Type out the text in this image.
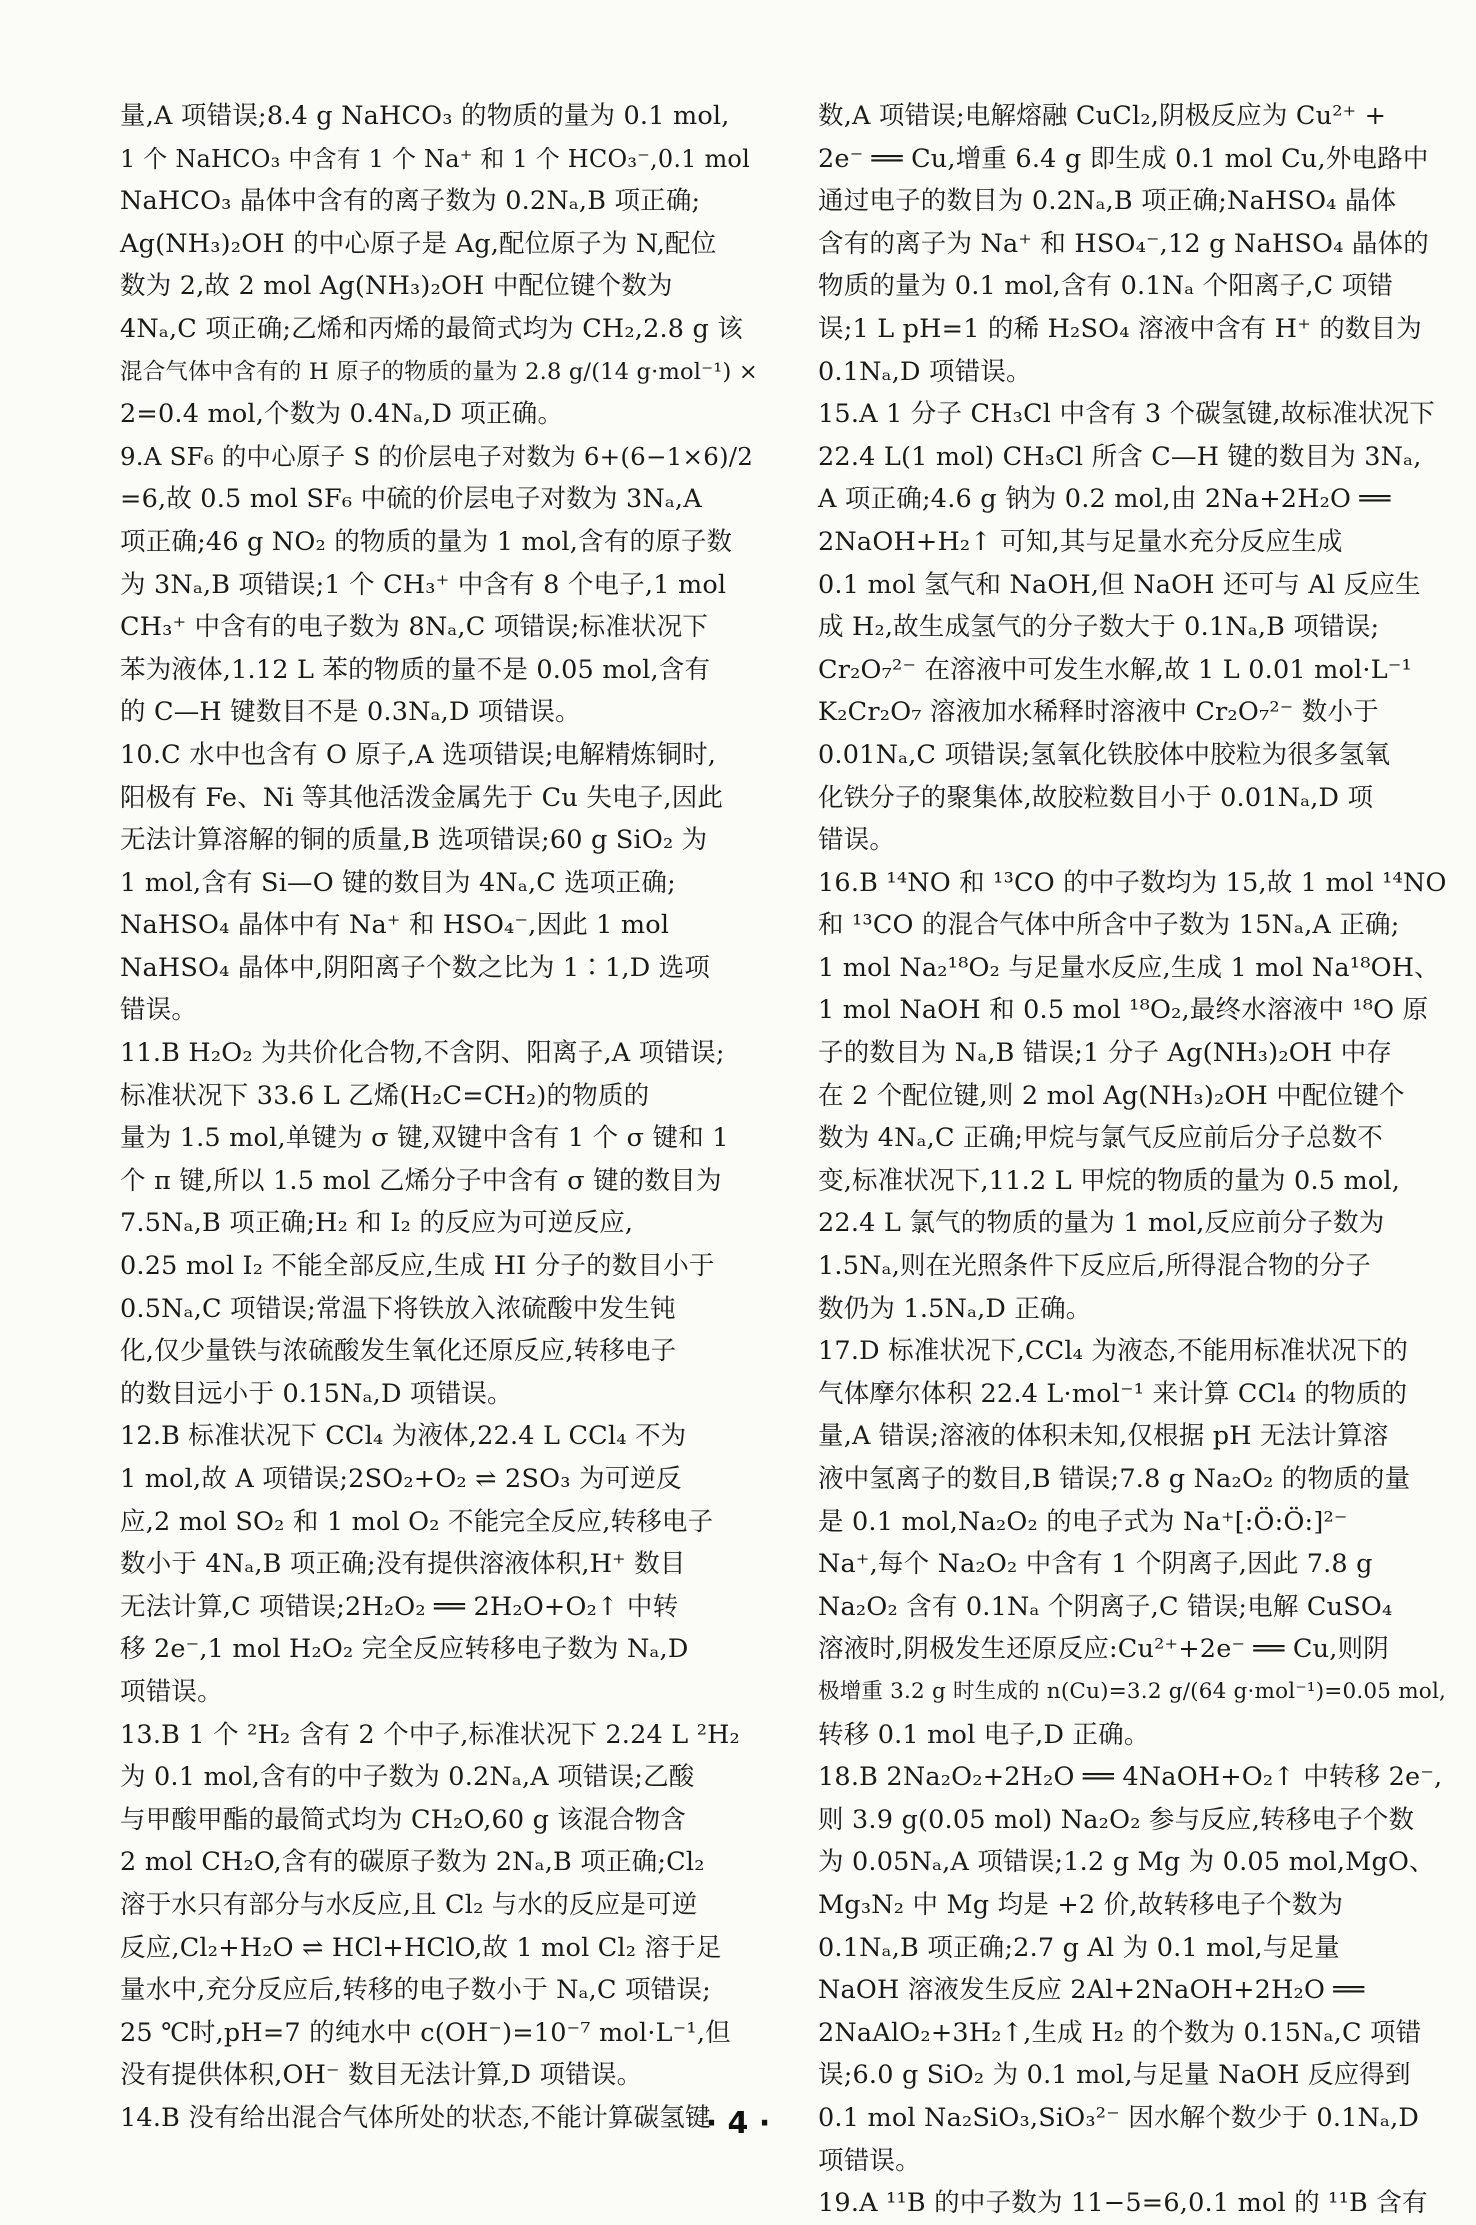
量,A 项错误;8.4 g NaHCO₃ 的物质的量为 0.1 mol,
1 个 NaHCO₃ 中含有 1 个 Na⁺ 和 1 个 HCO₃⁻,0.1 mol
NaHCO₃ 晶体中含有的离子数为 0.2Nₐ,B 项正确;
Ag(NH₃)₂OH 的中心原子是 Ag,配位原子为 N,配位
数为 2,故 2 mol Ag(NH₃)₂OH 中配位键个数为
4Nₐ,C 项正确;乙烯和丙烯的最简式均为 CH₂,2.8 g 该
混合气体中含有的 H 原子的物质的量为 2.8 g/(14 g·mol⁻¹) ×
2=0.4 mol,个数为 0.4Nₐ,D 项正确。
9.A SF₆ 的中心原子 S 的价层电子对数为 6+(6−1×6)/2
=6,故 0.5 mol SF₆ 中硫的价层电子对数为 3Nₐ,A
项正确;46 g NO₂ 的物质的量为 1 mol,含有的原子数
为 3Nₐ,B 项错误;1 个 CH₃⁺ 中含有 8 个电子,1 mol
CH₃⁺ 中含有的电子数为 8Nₐ,C 项错误;标准状况下
苯为液体,1.12 L 苯的物质的量不是 0.05 mol,含有
的 C—H 键数目不是 0.3Nₐ,D 项错误。
10.C 水中也含有 O 原子,A 选项错误;电解精炼铜时,
阳极有 Fe、Ni 等其他活泼金属先于 Cu 失电子,因此
无法计算溶解的铜的质量,B 选项错误;60 g SiO₂ 为
1 mol,含有 Si—O 键的数目为 4Nₐ,C 选项正确;
NaHSO₄ 晶体中有 Na⁺ 和 HSO₄⁻,因此 1 mol
NaHSO₄ 晶体中,阴阳离子个数之比为 1∶1,D 选项
错误。
11.B H₂O₂ 为共价化合物,不含阴、阳离子,A 项错误;
标准状况下 33.6 L 乙烯(H₂C=CH₂)的物质的
量为 1.5 mol,单键为 σ 键,双键中含有 1 个 σ 键和 1
个 π 键,所以 1.5 mol 乙烯分子中含有 σ 键的数目为
7.5Nₐ,B 项正确;H₂ 和 I₂ 的反应为可逆反应,
0.25 mol I₂ 不能全部反应,生成 HI 分子的数目小于
0.5Nₐ,C 项错误;常温下将铁放入浓硫酸中发生钝
化,仅少量铁与浓硫酸发生氧化还原反应,转移电子
的数目远小于 0.15Nₐ,D 项错误。
12.B 标准状况下 CCl₄ 为液体,22.4 L CCl₄ 不为
1 mol,故 A 项错误;2SO₂+O₂ ⇌ 2SO₃ 为可逆反
应,2 mol SO₂ 和 1 mol O₂ 不能完全反应,转移电子
数小于 4Nₐ,B 项正确;没有提供溶液体积,H⁺ 数目
无法计算,C 项错误;2H₂O₂ ══ 2H₂O+O₂↑ 中转
移 2e⁻,1 mol H₂O₂ 完全反应转移电子数为 Nₐ,D
项错误。
13.B 1 个 ²H₂ 含有 2 个中子,标准状况下 2.24 L ²H₂
为 0.1 mol,含有的中子数为 0.2Nₐ,A 项错误;乙酸
与甲酸甲酯的最简式均为 CH₂O,60 g 该混合物含
2 mol CH₂O,含有的碳原子数为 2Nₐ,B 项正确;Cl₂
溶于水只有部分与水反应,且 Cl₂ 与水的反应是可逆
反应,Cl₂+H₂O ⇌ HCl+HClO,故 1 mol Cl₂ 溶于足
量水中,充分反应后,转移的电子数小于 Nₐ,C 项错误;
25 ℃时,pH=7 的纯水中 c(OH⁻)=10⁻⁷ mol·L⁻¹,但
没有提供体积,OH⁻ 数目无法计算,D 项错误。
14.B 没有给出混合气体所处的状态,不能计算碳氢键
数,A 项错误;电解熔融 CuCl₂,阴极反应为 Cu²⁺ +
2e⁻ ══ Cu,增重 6.4 g 即生成 0.1 mol Cu,外电路中
通过电子的数目为 0.2Nₐ,B 项正确;NaHSO₄ 晶体
含有的离子为 Na⁺ 和 HSO₄⁻,12 g NaHSO₄ 晶体的
物质的量为 0.1 mol,含有 0.1Nₐ 个阳离子,C 项错
误;1 L pH=1 的稀 H₂SO₄ 溶液中含有 H⁺ 的数目为
0.1Nₐ,D 项错误。
15.A 1 分子 CH₃Cl 中含有 3 个碳氢键,故标准状况下
22.4 L(1 mol) CH₃Cl 所含 C—H 键的数目为 3Nₐ,
A 项正确;4.6 g 钠为 0.2 mol,由 2Na+2H₂O ══
2NaOH+H₂↑ 可知,其与足量水充分反应生成
0.1 mol 氢气和 NaOH,但 NaOH 还可与 Al 反应生
成 H₂,故生成氢气的分子数大于 0.1Nₐ,B 项错误;
Cr₂O₇²⁻ 在溶液中可发生水解,故 1 L 0.01 mol·L⁻¹
K₂Cr₂O₇ 溶液加水稀释时溶液中 Cr₂O₇²⁻ 数小于
0.01Nₐ,C 项错误;氢氧化铁胶体中胶粒为很多氢氧
化铁分子的聚集体,故胶粒数目小于 0.01Nₐ,D 项
错误。
16.B ¹⁴NO 和 ¹³CO 的中子数均为 15,故 1 mol ¹⁴NO
和 ¹³CO 的混合气体中所含中子数为 15Nₐ,A 正确;
1 mol Na₂¹⁸O₂ 与足量水反应,生成 1 mol Na¹⁸OH、
1 mol NaOH 和 0.5 mol ¹⁸O₂,最终水溶液中 ¹⁸O 原
子的数目为 Nₐ,B 错误;1 分子 Ag(NH₃)₂OH 中存
在 2 个配位键,则 2 mol Ag(NH₃)₂OH 中配位键个
数为 4Nₐ,C 正确;甲烷与氯气反应前后分子总数不
变,标准状况下,11.2 L 甲烷的物质的量为 0.5 mol,
22.4 L 氯气的物质的量为 1 mol,反应前分子数为
1.5Nₐ,则在光照条件下反应后,所得混合物的分子
数仍为 1.5Nₐ,D 正确。
17.D 标准状况下,CCl₄ 为液态,不能用标准状况下的
气体摩尔体积 22.4 L·mol⁻¹ 来计算 CCl₄ 的物质的
量,A 错误;溶液的体积未知,仅根据 pH 无法计算溶
液中氢离子的数目,B 错误;7.8 g Na₂O₂ 的物质的量
是 0.1 mol,Na₂O₂ 的电子式为 Na⁺[:Ö:Ö:]²⁻
Na⁺,每个 Na₂O₂ 中含有 1 个阴离子,因此 7.8 g
Na₂O₂ 含有 0.1Nₐ 个阴离子,C 错误;电解 CuSO₄
溶液时,阴极发生还原反应:Cu²⁺+2e⁻ ══ Cu,则阴
极增重 3.2 g 时生成的 n(Cu)=3.2 g/(64 g·mol⁻¹)=0.05 mol,
转移 0.1 mol 电子,D 正确。
18.B 2Na₂O₂+2H₂O ══ 4NaOH+O₂↑ 中转移 2e⁻,
则 3.9 g(0.05 mol) Na₂O₂ 参与反应,转移电子个数
为 0.05Nₐ,A 项错误;1.2 g Mg 为 0.05 mol,MgO、
Mg₃N₂ 中 Mg 均是 +2 价,故转移电子个数为
0.1Nₐ,B 项正确;2.7 g Al 为 0.1 mol,与足量
NaOH 溶液发生反应 2Al+2NaOH+2H₂O ══
2NaAlO₂+3H₂↑,生成 H₂ 的个数为 0.15Nₐ,C 项错
误;6.0 g SiO₂ 为 0.1 mol,与足量 NaOH 反应得到
0.1 mol Na₂SiO₃,SiO₃²⁻ 因水解个数少于 0.1Nₐ,D
项错误。
19.A ¹¹B 的中子数为 11−5=6,0.1 mol 的 ¹¹B 含有
· 4 ·
